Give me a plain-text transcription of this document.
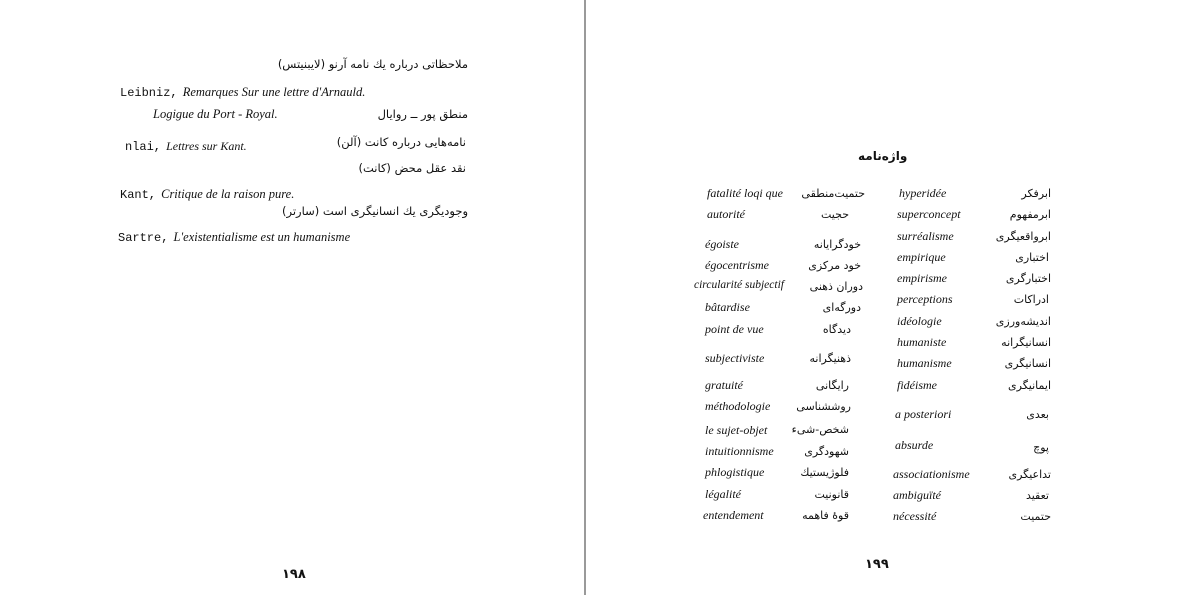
ملاحظاتی درباره یك نامه آرنو (لایبنیتس)
Leibniz, Remarques Sur une lettre d'Arnauld.
Logigue du Port - Royal.	منطق پور ــ روایال
nlai, Lettres sur Kant.	نامه‌هایی درباره کانت (آلن)
نقد عقل محض (کانت)
Kant, Critique de la raison pure.
وجودیگری یك انسانیگری است (سارتر)
Sartre, L'existentialisme est un humanisme
۱۹۸
واژه‌نامه
fatalité loqi que
autorité
égoiste
égocentrisme
circularité subjectif
bâtardise
point de vue
subjectiviste
gratuité
méthodologie
le sujet-objet
intuitionnisme
phlogistique
légalité
entendement
حتمیت‌منطقی
حجیت
خودگرایانه
خود مرکزی
دوران ذهنی
دورگه‌ای
دیدگاه
ذهنیگرانه
رایگانی
روششناسی
شخص-شیء
شهودگری
فلوژیستیك
قانونیت
قوهٔ فاهمه
hyperidée
superconcept
surréalisme
empirique
empirisme
perceptions
idéologie
humaniste
humanisme
fidéisme
a posteriori
absurde
associationisme
ambiguïté
nécessité
ابرفکر
ابرمفهوم
ابرواقعیگری
اختباری
اختبارگری
ادراکات
اندیشه‌ورزی
انسانیگرانه
انسانیگری
ایمانیگری
بعدی
پوچ
تداعیگری
تعقید
حتمیت
۱۹۹
